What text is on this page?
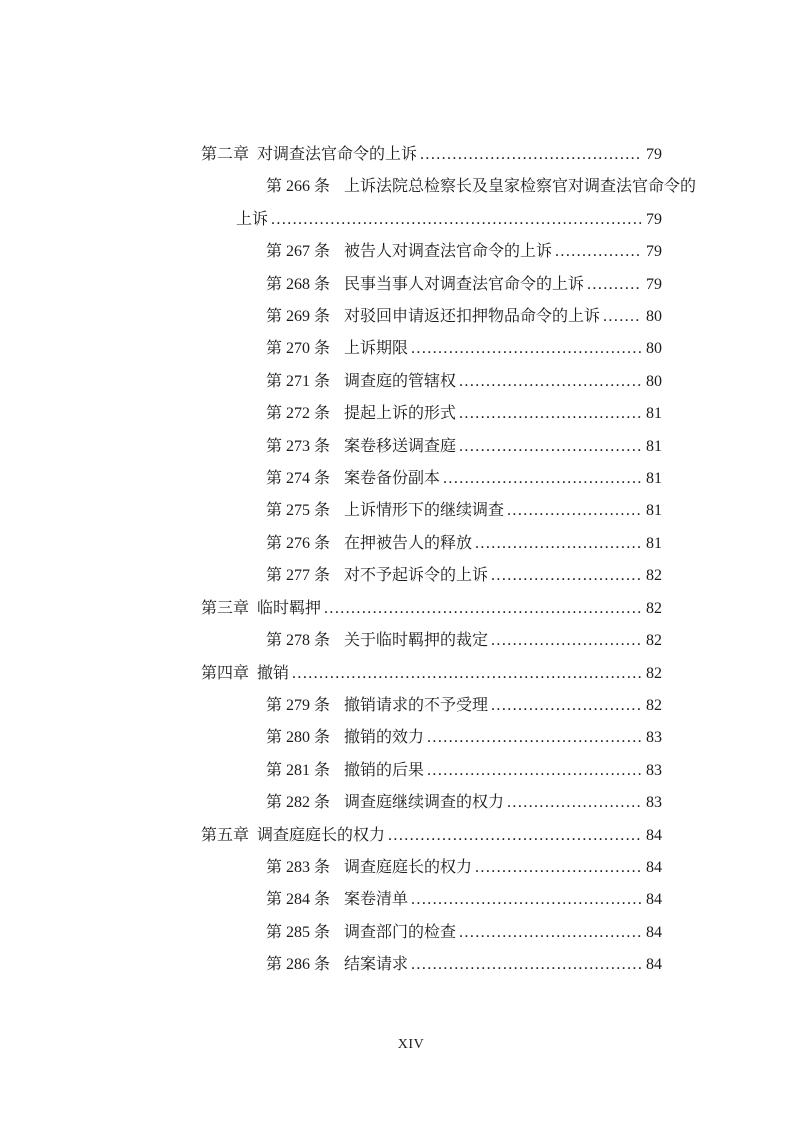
第二章 对调查法官命令的上诉 .....	79
第 266 条 上诉法院总检察长及皇家检察官对调查法官命令的
上诉 .....	79
第 267 条 被告人对调查法官命令的上诉 .....	79
第 268 条 民事当事人对调查法官命令的上诉 .....	79
第 269 条 对驳回申请返还扣押物品命令的上诉 .....	80
第 270 条 上诉期限 .....	80
第 271 条 调查庭的管辖权 .....	80
第 272 条 提起上诉的形式 .....	81
第 273 条 案卷移送调查庭 .....	81
第 274 条 案卷备份副本 .....	81
第 275 条 上诉情形下的继续调查 .....	81
第 276 条 在押被告人的释放 .....	81
第 277 条 对不予起诉令的上诉 .....	82
第三章 临时羁押 .....	82
第 278 条 关于临时羁押的裁定 .....	82
第四章 撤销 .....	82
第 279 条 撤销请求的不予受理 .....	82
第 280 条 撤销的效力 .....	83
第 281 条 撤销的后果 .....	83
第 282 条 调查庭继续调查的权力 .....	83
第五章 调查庭庭长的权力 .....	84
第 283 条 调查庭庭长的权力 .....	84
第 284 条 案卷清单 .....	84
第 285 条 调查部门的检查 .....	84
第 286 条 结案请求 .....	84
XIV
